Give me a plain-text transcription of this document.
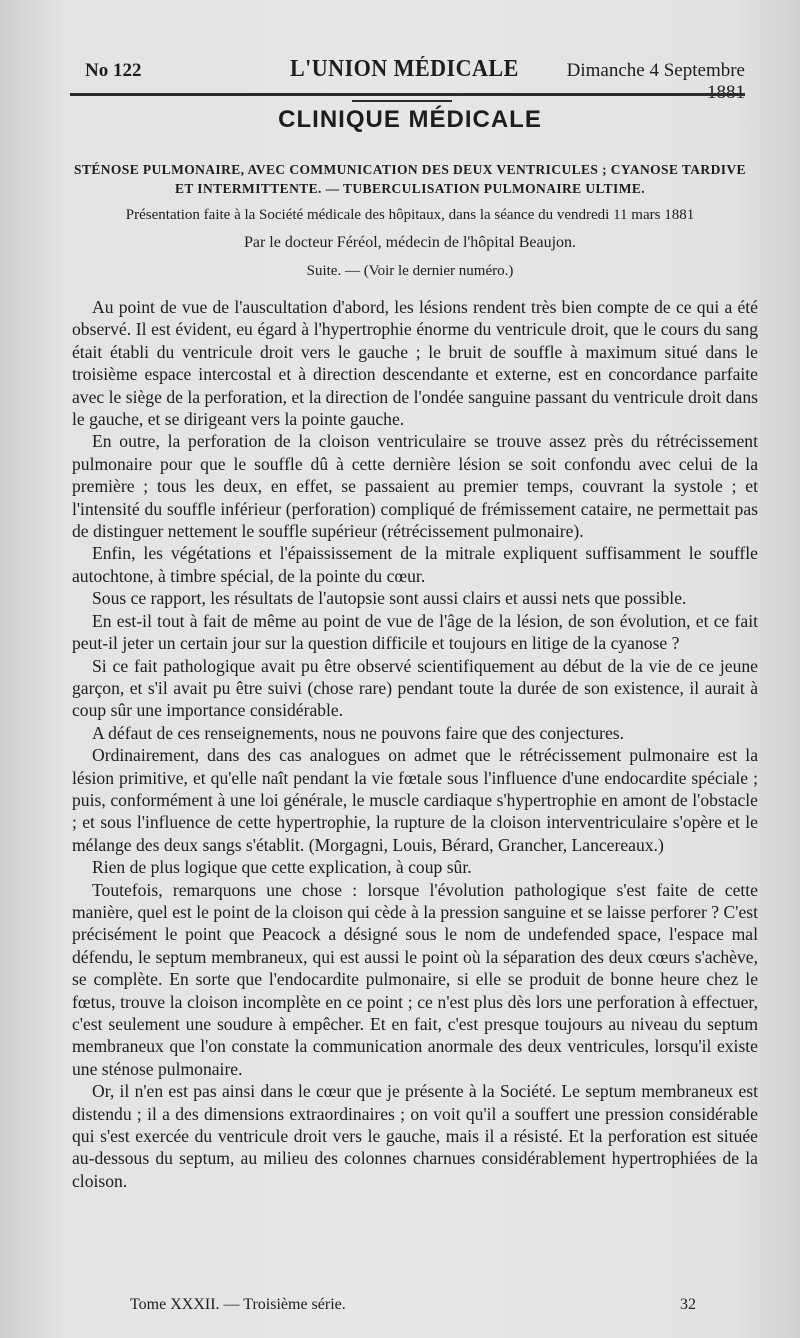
No 122	L'UNION MÉDICALE	Dimanche 4 Septembre
CLINIQUE MÉDICALE
STÉNOSE PULMONAIRE, AVEC COMMUNICATION DES DEUX VENTRICULES ; CYANOSE TARDIVE
ET INTERMITTENTE. — TUBERCULISATION PULMONAIRE ULTIME.
Présentation faite à la Société médicale des hôpitaux, dans la séance du vendredi 11 mars 1881
Par le docteur Féréol, médecin de l'hôpital Beaujon.
Suite. — (Voir le dernier numéro.)

Au point de vue de l'auscultation d'abord, les lésions rendent très bien compte de ce qui a été observé. Il est évident, eu égard à l'hypertrophie énorme du ventricule droit, que le cours du sang était établi du ventricule droit vers le gauche ; le bruit de souffle à maximum situé dans le troisième espace intercostal et à direction descendante et externe, est en concordance parfaite avec le siège de la perforation, et la direction de l'ondée sanguine passant du ventricule droit dans le gauche, et se dirigeant vers la pointe gauche.

En outre, la perforation de la cloison ventriculaire se trouve assez près du rétrécissement pulmonaire pour que le souffle dû à cette dernière lésion se soit confondu avec celui de la première ; tous les deux, en effet, se passaient au premier temps, couvrant la systole ; et l'intensité du souffle inférieur (perforation) compliqué de frémissement cataire, ne permettait pas de distinguer nettement le souffle supérieur (rétrécissement pulmonaire).

Enfin, les végétations et l'épaississement de la mitrale expliquent suffisamment le souffle autochtone, à timbre spécial, de la pointe du cœur.

Sous ce rapport, les résultats de l'autopsie sont aussi clairs et aussi nets que possible.

En est-il tout à fait de même au point de vue de l'âge de la lésion, de son évolution, et ce fait peut-il jeter un certain jour sur la question difficile et toujours en litige de la cyanose ?

Si ce fait pathologique avait pu être observé scientifiquement au début de la vie de ce jeune garçon, et s'il avait pu être suivi (chose rare) pendant toute la durée de son existence, il aurait à coup sûr une importance considérable.

A défaut de ces renseignements, nous ne pouvons faire que des conjectures.

Ordinairement, dans des cas analogues on admet que le rétrécissement pulmonaire est la lésion primitive, et qu'elle naît pendant la vie fœtale sous l'influence d'une endocardite spéciale ; puis, conformément à une loi générale, le muscle cardiaque s'hypertrophie en amont de l'obstacle ; et sous l'influence de cette hypertrophie, la rupture de la cloison interventriculaire s'opère et le mélange des deux sangs s'établit. (Morgagni, Louis, Bérard, Grancher, Lancereaux.)

Rien de plus logique que cette explication, à coup sûr.

Toutefois, remarquons une chose : lorsque l'évolution pathologique s'est faite de cette manière, quel est le point de la cloison qui cède à la pression sanguine et se laisse perforer ? C'est précisément le point que Peacock a désigné sous le nom de undefended space, l'espace mal défendu, le septum membraneux, qui est aussi le point où la séparation des deux cœurs s'achève, se complète. En sorte que l'endocardite pulmonaire, si elle se produit de bonne heure chez le fœtus, trouve la cloison incomplète en ce point ; ce n'est plus dès lors une perforation à effectuer, c'est seulement une soudure à empêcher. Et en fait, c'est presque toujours au niveau du septum membraneux que l'on constate la communication anormale des deux ventricules, lorsqu'il existe une sténose pulmonaire.

Or, il n'en est pas ainsi dans le cœur que je présente à la Société. Le septum membraneux est distendu ; il a des dimensions extraordinaires ; on voit qu'il a souffert une pression considérable qui s'est exercée du ventricule droit vers le gauche, mais il a résisté. Et la perforation est située au-dessous du septum, au milieu des colonnes charnues considérablement hypertrophiées de la cloison.

Tome XXXII. — Troisième série.	32
